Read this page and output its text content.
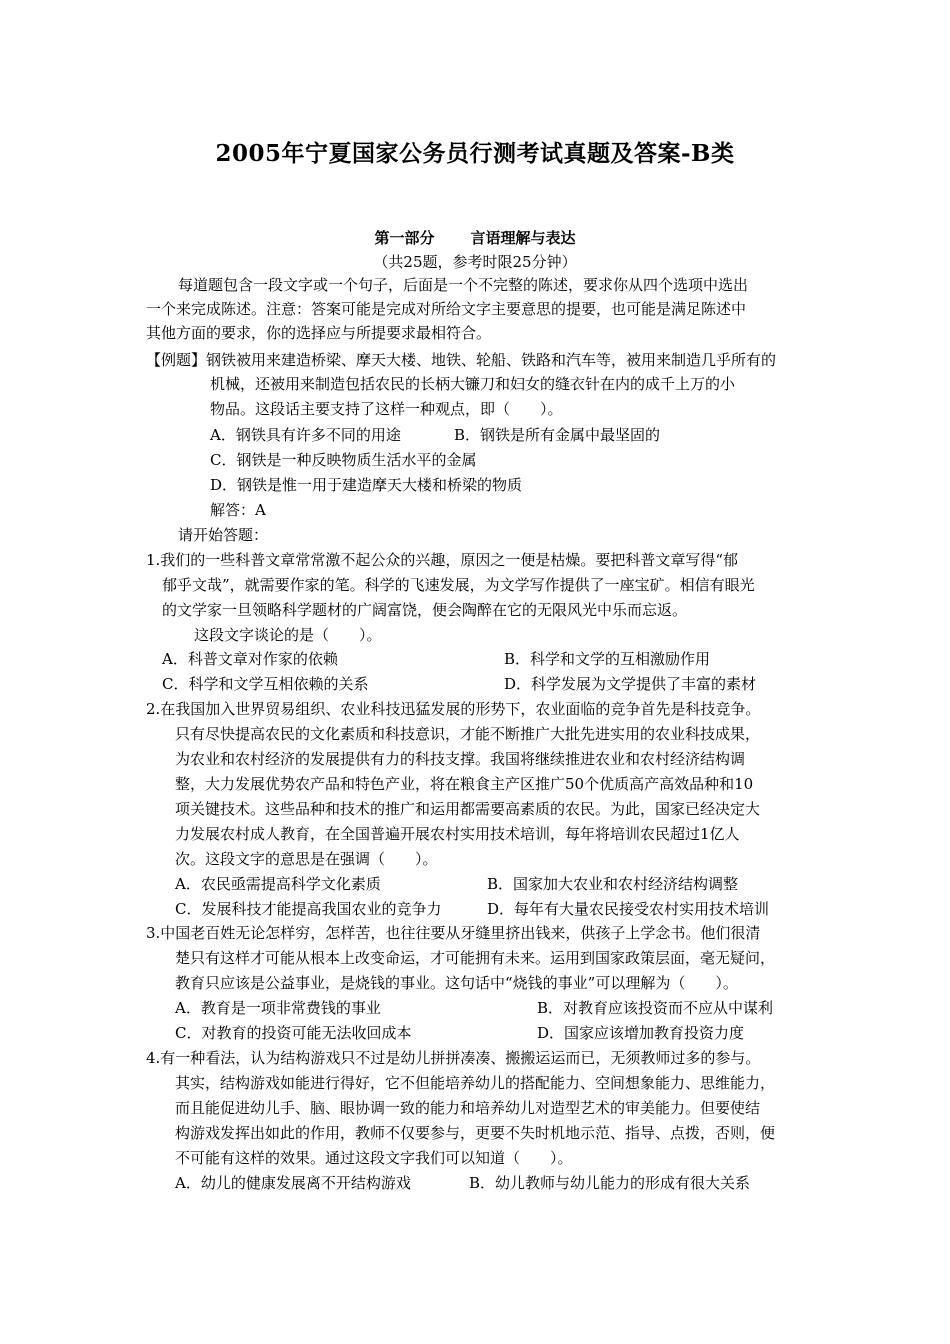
2005年宁夏国家公务员行测考试真题及答案-B类
第一部分 言语理解与表达
（共25题，参考时限25分钟）
每道题包含一段文字或一个句子，后面是一个不完整的陈述，要求你从四个选项中选出
一个来完成陈述。注意：答案可能是完成对所给文字主要意思的提要，也可能是满足陈述中
其他方面的要求，你的选择应与所提要求最相符合。
【例题】钢铁被用来建造桥梁、摩天大楼、地铁、轮船、铁路和汽车等，被用来制造几乎所有的
机械，还被用来制造包括农民的长柄大镰刀和妇女的缝衣针在内的成千上万的小
物品。这段话主要支持了这样一种观点，即（　　）。
A．钢铁具有许多不同的用途	B．钢铁是所有金属中最坚固的
C．钢铁是一种反映物质生活水平的金属
D．钢铁是惟一用于建造摩天大楼和桥梁的物质
解答：A
请开始答题：
1.我们的一些科普文章常常激不起公众的兴趣，原因之一便是枯燥。要把科普文章写得“郁
郁乎文哉”，就需要作家的笔。科学的飞速发展，为文学写作提供了一座宝矿。相信有眼光
的文学家一旦领略科学题材的广阔富饶，便会陶醉在它的无限风光中乐而忘返。
这段文字谈论的是（　　）。
A．科普文章对作家的依赖	B．科学和文学的互相激励作用
C．科学和文学互相依赖的关系	D．科学发展为文学提供了丰富的素材
2.在我国加入世界贸易组织、农业科技迅猛发展的形势下，农业面临的竞争首先是科技竞争。
只有尽快提高农民的文化素质和科技意识，才能不断推广大批先进实用的农业科技成果，
为农业和农村经济的发展提供有力的科技支撑。我国将继续推进农业和农村经济结构调
整，大力发展优势农产品和特色产业，将在粮食主产区推广50个优质高产高效品种和10
项关键技术。这些品种和技术的推广和运用都需要高素质的农民。为此，国家已经决定大
力发展农村成人教育，在全国普遍开展农村实用技术培训，每年将培训农民超过1亿人
次。这段文字的意思是在强调（　　）。
A．农民亟需提高科学文化素质	B．国家加大农业和农村经济结构调整
C．发展科技才能提高我国农业的竞争力	D．每年有大量农民接受农村实用技术培训
3.中国老百姓无论怎样穷，怎样苦，也往往要从牙缝里挤出钱来，供孩子上学念书。他们很清
楚只有这样才可能从根本上改变命运，才可能拥有未来。运用到国家政策层面，毫无疑问，
教育只应该是公益事业，是烧钱的事业。这句话中“烧钱的事业”可以理解为（　　）。
A．教育是一项非常费钱的事业	B．对教育应该投资而不应从中谋利
C．对教育的投资可能无法收回成本	D．国家应该增加教育投资力度
4.有一种看法，认为结构游戏只不过是幼儿拼拼凑凑、搬搬运运而已，无须教师过多的参与。
其实，结构游戏如能进行得好，它不但能培养幼儿的搭配能力、空间想象能力、思维能力，
而且能促进幼儿手、脑、眼协调一致的能力和培养幼儿对造型艺术的审美能力。但要使结
构游戏发挥出如此的作用，教师不仅要参与，更要不失时机地示范、指导、点拨，否则，便
不可能有这样的效果。通过这段文字我们可以知道（　　）。
A．幼儿的健康发展离不开结构游戏	B．幼儿教师与幼儿能力的形成有很大关系
